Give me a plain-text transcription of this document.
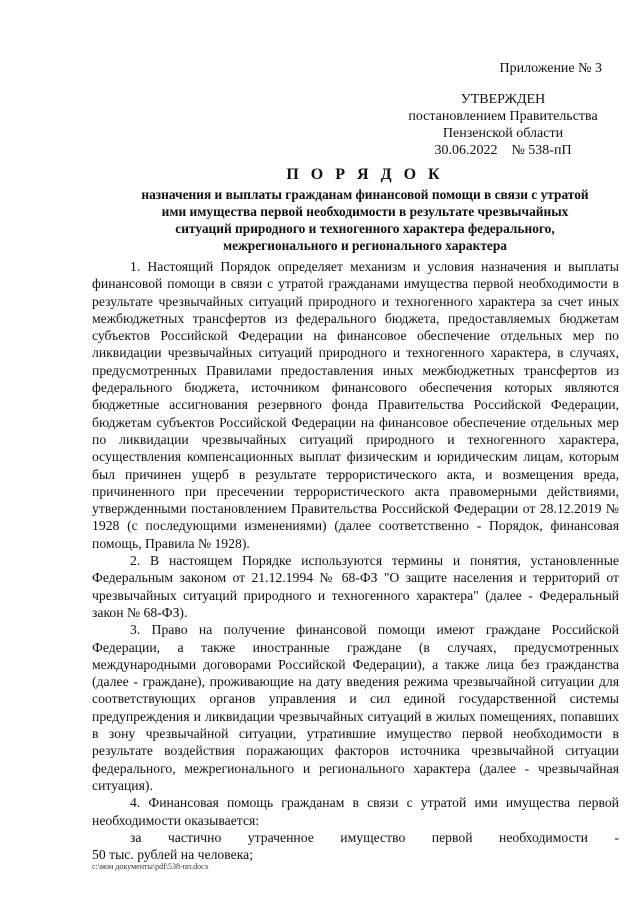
Приложение № 3
УТВЕРЖДЕН
постановлением Правительства
Пензенской области
30.06.2022    № 538-пП
П О Р Я Д О К
назначения и выплаты гражданам финансовой помощи в связи с утратой
ими имущества первой необходимости в результате чрезвычайных
ситуаций природного и техногенного характера федерального,
межрегионального и регионального характера

1. Настоящий Порядок определяет механизм и условия назначения и выплаты финансовой помощи в связи с утратой гражданами имущества первой необходимости в результате чрезвычайных ситуаций природного и техногенного характера за счет иных межбюджетных трансфертов из федерального бюджета, предоставляемых бюджетам субъектов Российской Федерации на финансовое обеспечение отдельных мер по ликвидации чрезвычайных ситуаций природного и техногенного характера, в случаях, предусмотренных Правилами предоставления иных межбюджетных трансфертов из федерального бюджета, источником финансового обеспечения которых являются бюджетные ассигнования резервного фонда Правительства Российской Федерации, бюджетам субъектов Российской Федерации на финансовое обеспечение отдельных мер по ликвидации чрезвычайных ситуаций природного и техногенного характера, осуществления компенсационных выплат физическим и юридическим лицам, которым был причинен ущерб в результате террористического акта, и возмещения вреда, причиненного при пресечении террористического акта правомерными действиями, утвержденными постановлением Правительства Российской Федерации от 28.12.2019 № 1928 (с последующими изменениями) (далее соответственно - Порядок, финансовая помощь, Правила № 1928).

2. В настоящем Порядке используются термины и понятия, установленные Федеральным законом от 21.12.1994 № 68-ФЗ "О защите населения и территорий от чрезвычайных ситуаций природного и техногенного характера" (далее - Федеральный закон № 68-ФЗ).

3. Право на получение финансовой помощи имеют граждане Российской Федерации, а также иностранные граждане (в случаях, предусмотренных международными договорами Российской Федерации), а также лица без гражданства (далее - граждане), проживающие на дату введения режима чрезвычайной ситуации для соответствующих органов управления и сил единой государственной системы предупреждения и ликвидации чрезвычайных ситуаций в жилых помещениях, попавших в зону чрезвычайной ситуации, утратившие имущество первой необходимости в результате воздействия поражающих факторов источника чрезвычайной ситуации федерального, межрегионального и регионального характера (далее - чрезвычайная ситуация).

4. Финансовая помощь гражданам в связи с утратой ими имущества первой необходимости оказывается:

за частично утраченное имущество первой необходимости -
50 тыс. рублей на человека;
c:\мои документы\pdf\538-пп.docx
